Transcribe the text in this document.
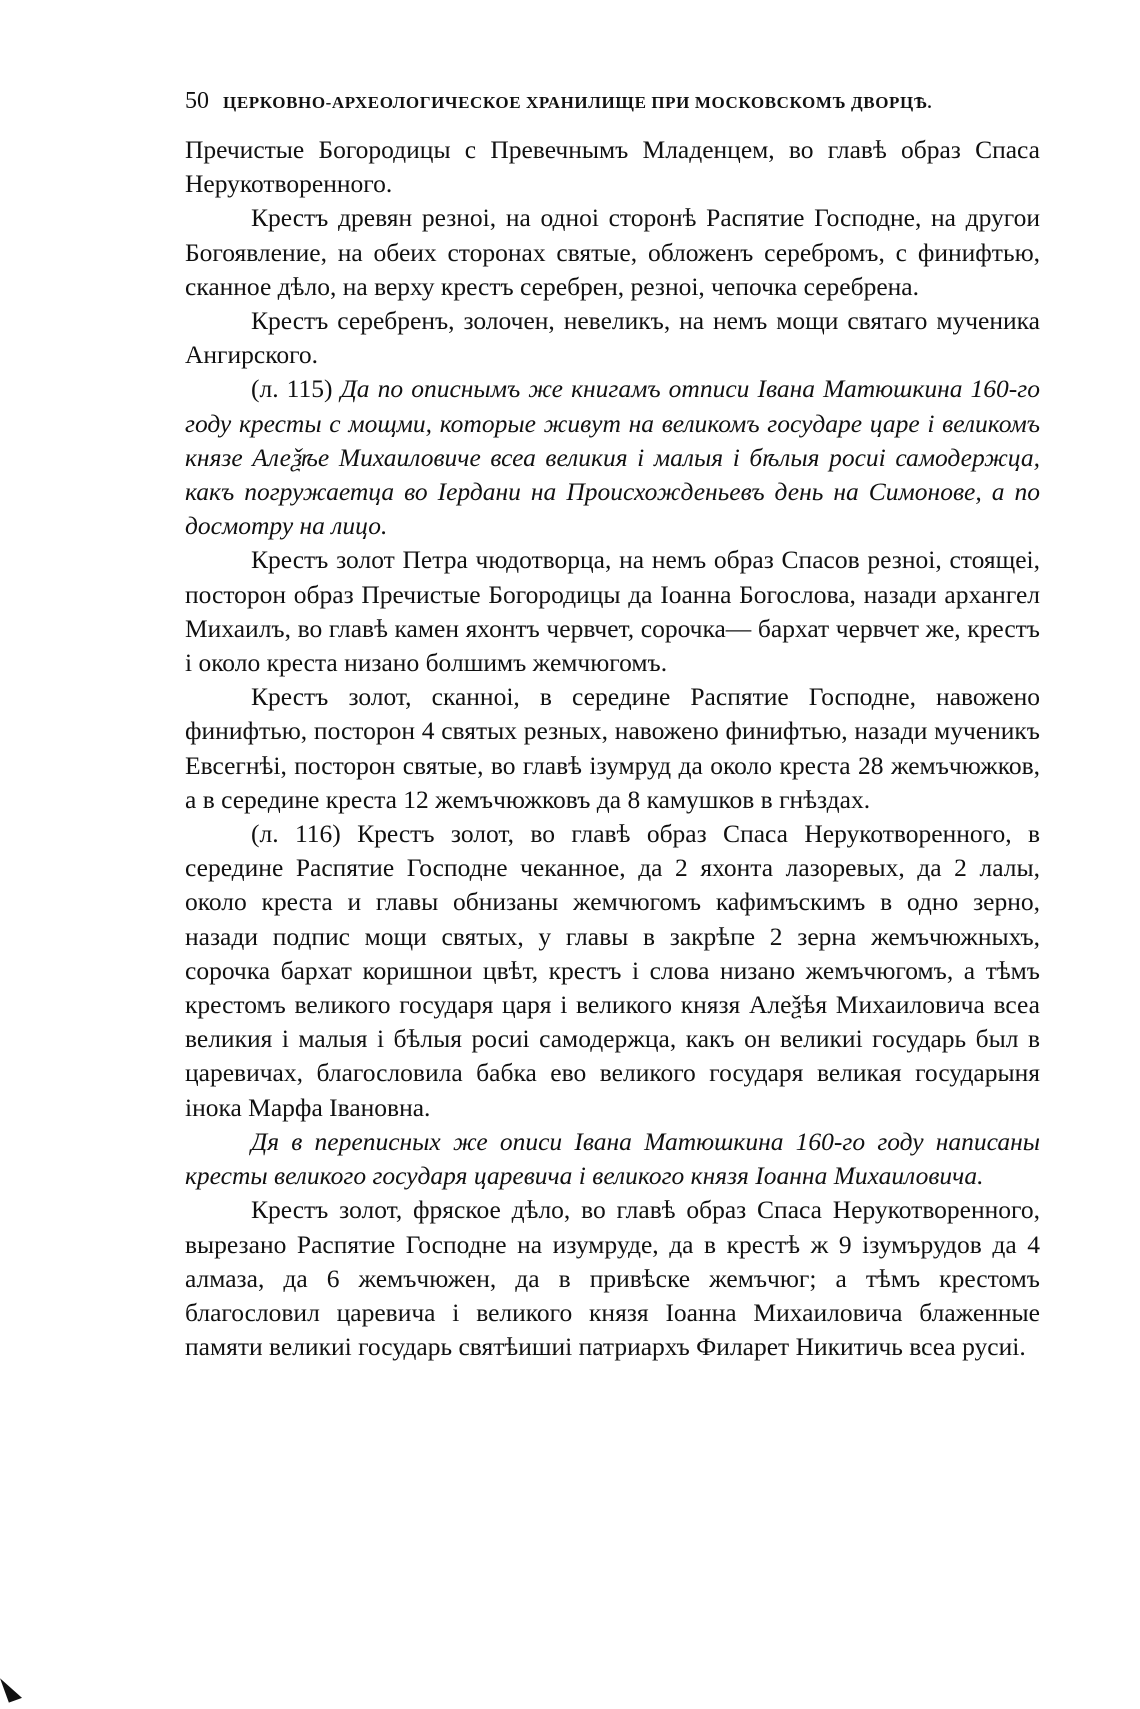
50 ЦЕРКОВНО-АРХЕОЛОГИЧЕСКОЕ ХРАНИЛИЩЕ ПРИ МОСКОВСКОМЪ ДВОРЦѢ.

Пречистые Богородицы с Превечнымъ Младенцем, во главѣ образ Спаса Нерукотворенного.

Крестъ древян резноі, на одноі сторонѣ Распятие Господне, на другои Богоявление, на обеих сторонах святые, обложенъ серебромъ, с финифтью, сканное дѣло, на верху крестъ серебрен, резноі, чепочка серебрена.

Крестъ серебренъ, золочен, невеликъ, на немъ мощи святаго мученика Ангирского.

(л. 115) Да по описнымъ же книгамъ отписи Івана Матюшкина 160-го году кресты с мощми, которые живут на великомъ государе царе і великомъ князе Алеѯѣе Михаиловиче всеа великия і малыя і бѣлыя росиі самодержца, какъ погружаетца во Іердани на Происхожденьевъ день на Симонове, а по досмотру на лицо.

Крестъ золот Петра чюдотворца, на немъ образ Спасов резноі, стоящеі, посторон образ Пречистые Богородицы да Іоанна Богослова, назади архангел Михаилъ, во главѣ камен яхонтъ червчет, сорочка— бархат червчет же, крестъ і около креста низано болшимъ жемчюгомъ.

Крестъ золот, сканноі, в середине Распятие Господне, навожено финифтью, посторон 4 святых резных, навожено финифтью, назади мученикъ Евсегнѣі, посторон святые, во главѣ ізумруд да около креста 28 жемъчюжков, а в середине креста 12 жемъчюжковъ да 8 камушков в гнѣздах.

(л. 116) Крестъ золот, во главѣ образ Спаса Нерукотворенного, в середине Распятие Господне чеканное, да 2 яхонта лазоревых, да 2 лалы, около креста и главы обнизаны жемчюгомъ кафимъскимъ в одно зерно, назади подпис мощи святых, у главы в закрѣпе 2 зерна жемъчюжныхъ, сорочка бархат коришнои цвѣт, крестъ і слова низано жемъчюгомъ, а тѣмъ крестомъ великого государя царя і великого князя Алеѯѣя Михаиловича всеа великия і малыя і бѣлыя росиі самодержца, какъ он великиі государь был в царевичах, благословила бабка ево великого государя великая государыня інока Марфа Івановна.

Дя в переписных же описи Івана Матюшкина 160-го году написаны кресты великого государя царевича і великого князя Іоанна Михаиловича.

Крестъ золот, фряское дѣло, во главѣ образ Спаса Нерукотворенного, вырезано Распятие Господне на изумруде, да в крестѣ ж 9 ізумърудов да 4 алмаза, да 6 жемъчюжен, да в привѣске жемъчюг; а тѣмъ крестомъ благословил царевича і великого князя Іоанна Михаиловича блаженные памяти великиі государь святѣишиі патриархъ Филарет Никитичь всеа русиі.
